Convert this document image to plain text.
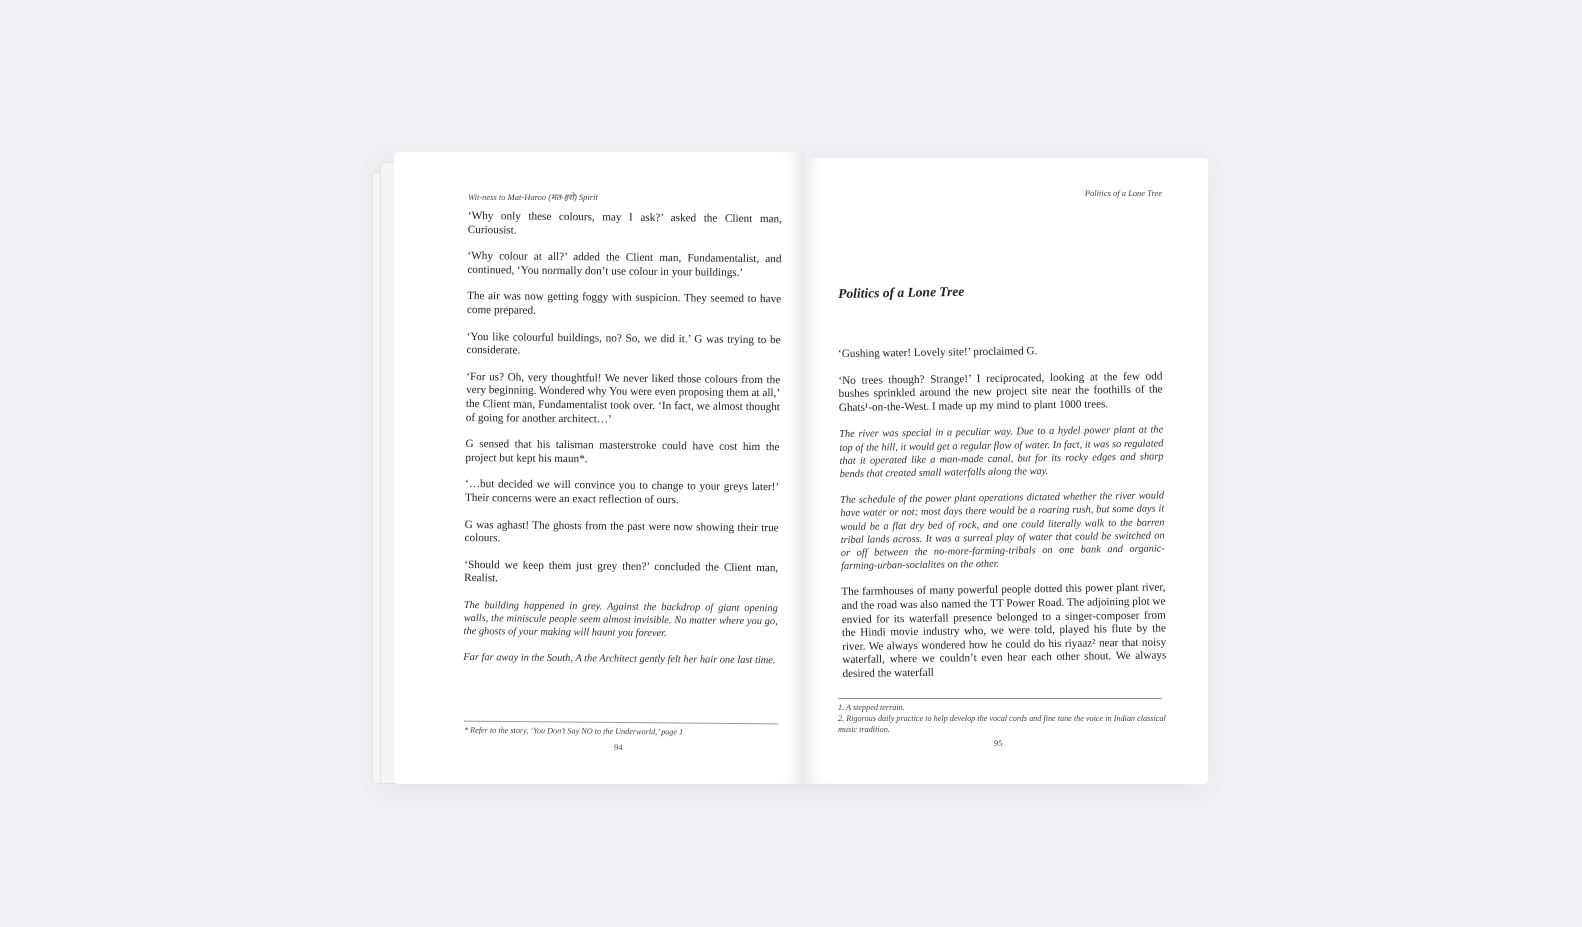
Wit-ness to Mat-Haroo (मत-हरो) Spirit

‘Why only these colours, may I ask?’ asked the Client man, Curiousist.

‘Why colour at all?’ added the Client man, Fundamentalist, and continued, ‘You normally don’t use colour in your buildings.’

The air was now getting foggy with suspicion. They seemed to have come prepared.

‘You like colourful buildings, no? So, we did it.’ G was trying to be considerate.

‘For us? Oh, very thoughtful! We never liked those colours from the very beginning. Wondered why You were even proposing them at all,’ the Client man, Fundamentalist took over. ‘In fact, we almost thought of going for another architect…’

G sensed that his talisman masterstroke could have cost him the project but kept his maun*.

‘…but decided we will convince you to change to your greys later!’ Their concerns were an exact reflection of ours.

G was aghast! The ghosts from the past were now showing their true colours.

‘Should we keep them just grey then?’ concluded the Client man, Realist.

The building happened in grey. Against the backdrop of giant opening walls, the miniscule people seem almost invisible. No matter where you go, the ghosts of your making will haunt you forever.

Far far away in the South, A the Architect gently felt her hair one last time.

* Refer to the story, ‘You Don’t Say NO to the Underworld,’ page 1
94
Politics of a Lone Tree
Politics of a Lone Tree

‘Gushing water! Lovely site!’ proclaimed G.

‘No trees though? Strange!’ I reciprocated, looking at the few odd bushes sprinkled around the new project site near the foothills of the Ghats¹-on-the-West. I made up my mind to plant 1000 trees.

The river was special in a peculiar way. Due to a hydel power plant at the top of the hill, it would get a regular flow of water. In fact, it was so regulated that it operated like a man-made canal, but for its rocky edges and sharp bends that created small waterfalls along the way.

The schedule of the power plant operations dictated whether the river would have water or not; most days there would be a roaring rush, but some days it would be a flat dry bed of rock, and one could literally walk to the barren tribal lands across. It was a surreal play of water that could be switched on or off between the no-more-farming-tribals on one bank and organic-farming-urban-socialites on the other.

The farmhouses of many powerful people dotted this power plant river, and the road was also named the TT Power Road. The adjoining plot we envied for its waterfall presence belonged to a singer-composer from the Hindi movie industry who, we were told, played his flute by the river. We always wondered how he could do his riyaaz² near that noisy waterfall, where we couldn’t even hear each other shout. We always desired the waterfall

1. A stepped terrain.
2. Rigorous daily practice to help develop the vocal cords and fine tune the voice in Indian classical music tradition.
95
